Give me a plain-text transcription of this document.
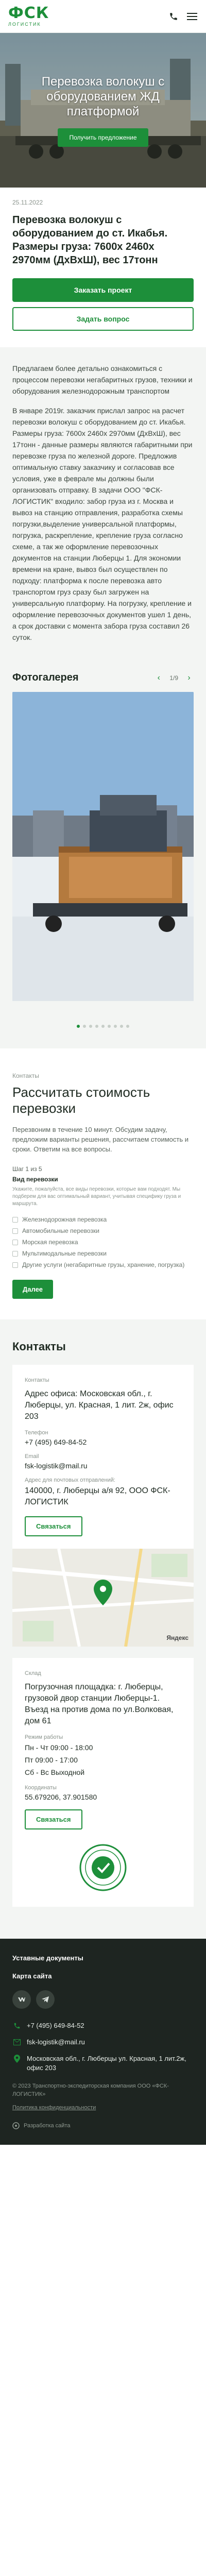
ФСК
ЛОГИСТИК
Перевозка волокуш с оборудованием ЖД платформой
Получить предложение
25.11.2022
Перевозка волокуш с оборудованием до ст. Икабья. Размеры груза: 7600х 2460х 2970мм (ДхВхШ), вес 17тонн
Заказать проект
Задать вопрос

Предлагаем более детально ознакомиться с процессом перевозки негабаритных грузов, техники и оборудования железнодорожным транспортом

В январе 2019г. заказчик прислал запрос на расчет перевозки волокуш с оборудованием до ст. Икабья. Размеры груза: 7600х 2460х 2970мм (ДхВхШ), вес 17тонн - данные размеры являются габаритными при перевозке груза по железной дороге. Предложив оптимальную ставку заказчику и согласовав все условия, уже в феврале мы должны были организовать отправку. В задачи ООО "ФСК-ЛОГИСТИК" входило: забор груза из г. Москва и вывоз на станцию отправления, разработка схемы погрузки,выделение универсальной платформы, погрузка, раскрепление, крепление груза согласно схеме, а так же оформление перевозочных документов на станции Люберцы 1. Для экономии времени на кране, вывоз был осуществлен по подходу: платформа к после перевозка авто транспортом груз сразу был загружен на универсальную платформу. На погрузку, крепление и оформление перевозочных документов ушел 1 день, а срок доставки с момента забора груза составил 26 суток.

Фотогалерея	‹	1/9	›
Контакты
Рассчитать стоимость перевозки

Перезвоним в течение 10 минут. Обсудим задачу, предложим варианты решения, рассчитаем стоимость и сроки. Ответим на все вопросы.

Шаг 1 из 5
Вид перевозки
Укажите, пожалуйста, все виды перевозки, которые вам подходят. Мы подберем для вас оптимальный вариант, учитывая специфику груза и маршрута.
Железнодорожная перевозка
Автомобильные перевозки
Морская перевозка
Мультимодальные перевозки
Другие услуги (негабаритные грузы, хранение, погрузка)
Далее
Контакты
Контакты
Адрес офиса: Московская обл., г. Люберцы, ул. Красная, 1 лит. 2ж, офис 203
Телефон
+7 (495) 649-84-52
Email
fsk-logistik@mail.ru
Адрес для почтовых отправлений:
140000, г. Люберцы а/я 92, ООО ФСК-ЛОГИСТИК
Связаться
Яндекс
Склад
Погрузочная площадка: г. Люберцы, грузовой двор станции Люберцы-1. Въезд на против дома по ул.Волковая, дом 61
Режим работы
Пн - Чт 09:00 - 18:00
Пт 09:00 - 17:00
Сб - Вс Выходной
Координаты
55.679206, 37.901580
Связаться
Уставные документы
Карта сайта
+7 (495) 649-84-52
fsk-logistik@mail.ru
Московская обл., г. Люберцы ул. Красная, 1 лит.2ж, офис 203
© 2023 Транспортно-экспедиторская компания ООО «ФСК-ЛОГИСТИК»
Политика конфиденциальности
Разработка сайта
